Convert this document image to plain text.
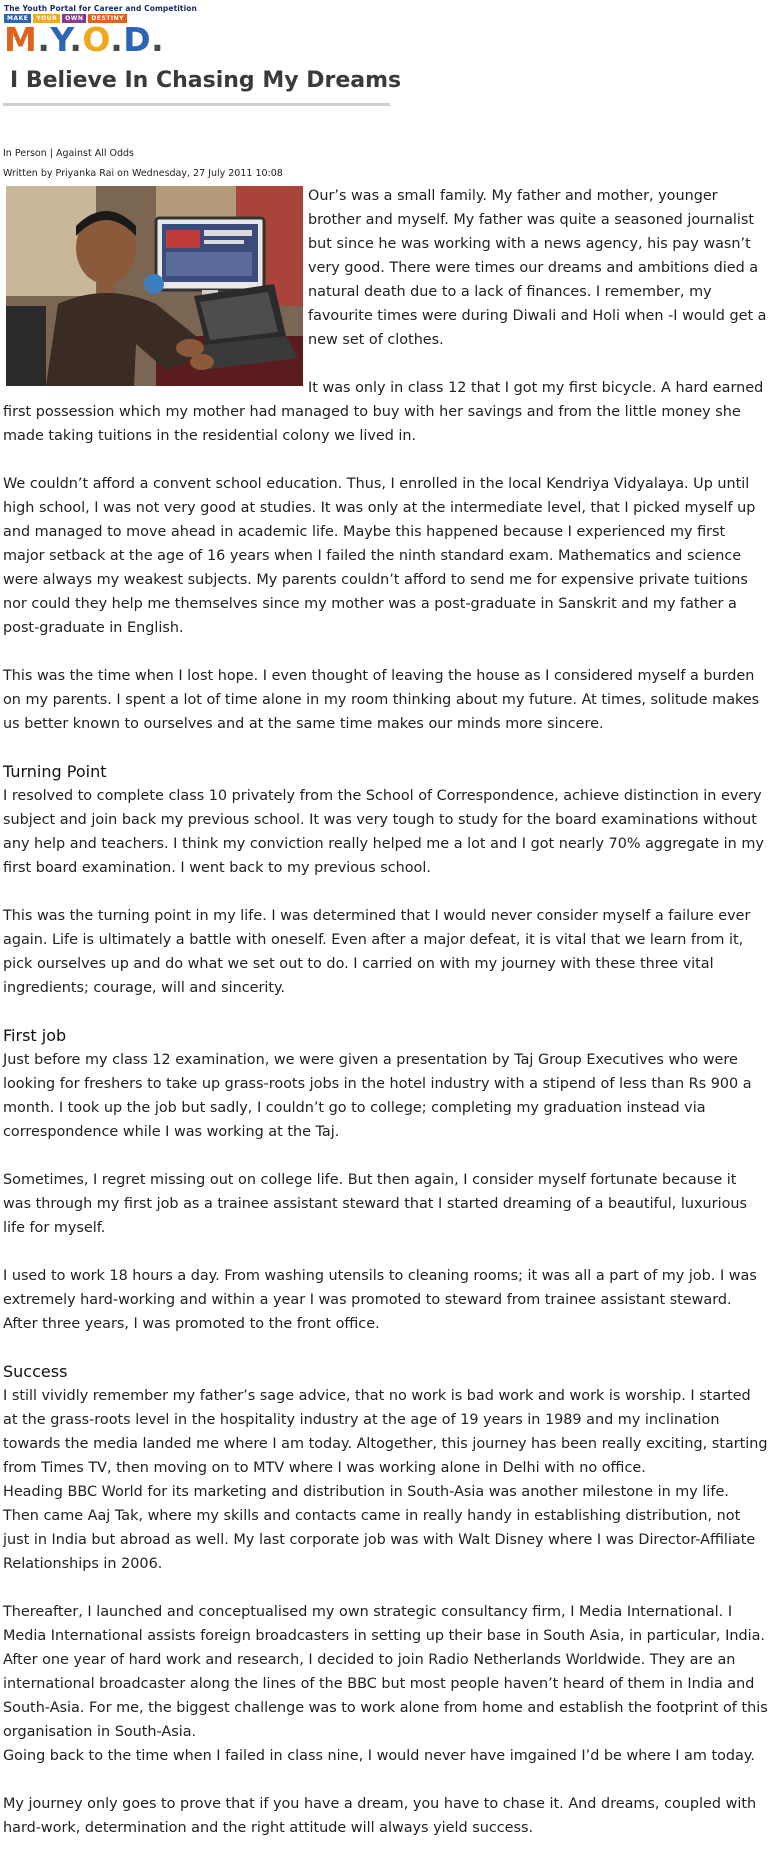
The Youth Portal for Career and Competition
MAKE	YOUR	OWN	DESTINY
M.Y.O.D.
I Believe In Chasing My Dreams
In Person | Against All Odds
Written by Priyanka Rai on Wednesday, 27 July 2011 10:08

Our’s was a small family. My father and mother, younger brother and myself. My father was quite a seasoned journalist but since he was working with a news agency, his pay wasn’t very good. There were times our dreams and ambitions died a natural death due to a lack of finances. I remember, my favourite times were during Diwali and Holi when -I would get a new set of clothes.

It was only in class 12 that I got my first bicycle. A hard earned first possession which my mother had managed to buy with her savings and from the little money she made taking tuitions in the residential colony we lived in.

We couldn’t afford a convent school education. Thus, I enrolled in the local Kendriya Vidyalaya. Up until high school, I was not very good at studies. It was only at the intermediate level, that I picked myself up and managed to move ahead in academic life. Maybe this happened because I experienced my first major setback at the age of 16 years when I failed the ninth standard exam. Mathematics and science were always my weakest subjects. My parents couldn’t afford to send me for expensive private tuitions nor could they help me themselves since my mother was a post-graduate in Sanskrit and my father a post-graduate in English.

This was the time when I lost hope. I even thought of leaving the house as I considered myself a burden on my parents. I spent a lot of time alone in my room thinking about my future. At times, solitude makes us better known to ourselves and at the same time makes our minds more sincere.

Turning Point

I resolved to complete class 10 privately from the School of Correspondence, achieve distinction in every subject and join back my previous school. It was very tough to study for the board examinations without any help and teachers. I think my conviction really helped me a lot and I got nearly 70% aggregate in my first board examination. I went back to my previous school.

This was the turning point in my life. I was determined that I would never consider myself a failure ever again. Life is ultimately a battle with oneself. Even after a major defeat, it is vital that we learn from it, pick ourselves up and do what we set out to do. I carried on with my journey with these three vital ingredients; courage, will and sincerity.

First job

Just before my class 12 examination, we were given a presentation by Taj Group Executives who were looking for freshers to take up grass-roots jobs in the hotel industry with a stipend of less than Rs 900 a month. I took up the job but sadly, I couldn’t go to college; completing my graduation instead via correspondence while I was working at the Taj.

Sometimes, I regret missing out on college life. But then again, I consider myself fortunate because it was through my first job as a trainee assistant steward that I started dreaming of a beautiful, luxurious life for myself.

I used to work 18 hours a day. From washing utensils to cleaning rooms; it was all a part of my job. I was extremely hard-working and within a year I was promoted to steward from trainee assistant steward. After three years, I was promoted to the front office.

Success

I still vividly remember my father’s sage advice, that no work is bad work and work is worship. I started at the grass-roots level in the hospitality industry at the age of 19 years in 1989 and my inclination towards the media landed me where I am today. Altogether, this journey has been really exciting, starting from Times TV, then moving on to MTV where I was working alone in Delhi with no office.

Heading BBC World for its marketing and distribution in South-Asia was another milestone in my life. Then came Aaj Tak, where my skills and contacts came in really handy in establishing distribution, not just in India but abroad as well. My last corporate job was with Walt Disney where I was Director-Affiliate Relationships in 2006.

Thereafter, I launched and conceptualised my own strategic consultancy firm, I Media International. I Media International assists foreign broadcasters in setting up their base in South Asia, in particular, India. After one year of hard work and research, I decided to join Radio Netherlands Worldwide. They are an international broadcaster along the lines of the BBC but most people haven’t heard of them in India and South-Asia. For me, the biggest challenge was to work alone from home and establish the footprint of this organisation in South-Asia.

Going back to the time when I failed in class nine, I would never have imgained I’d be where I am today.

My journey only goes to prove that if you have a dream, you have to chase it. And dreams, coupled with hard-work, determination and the right attitude will always yield success.
